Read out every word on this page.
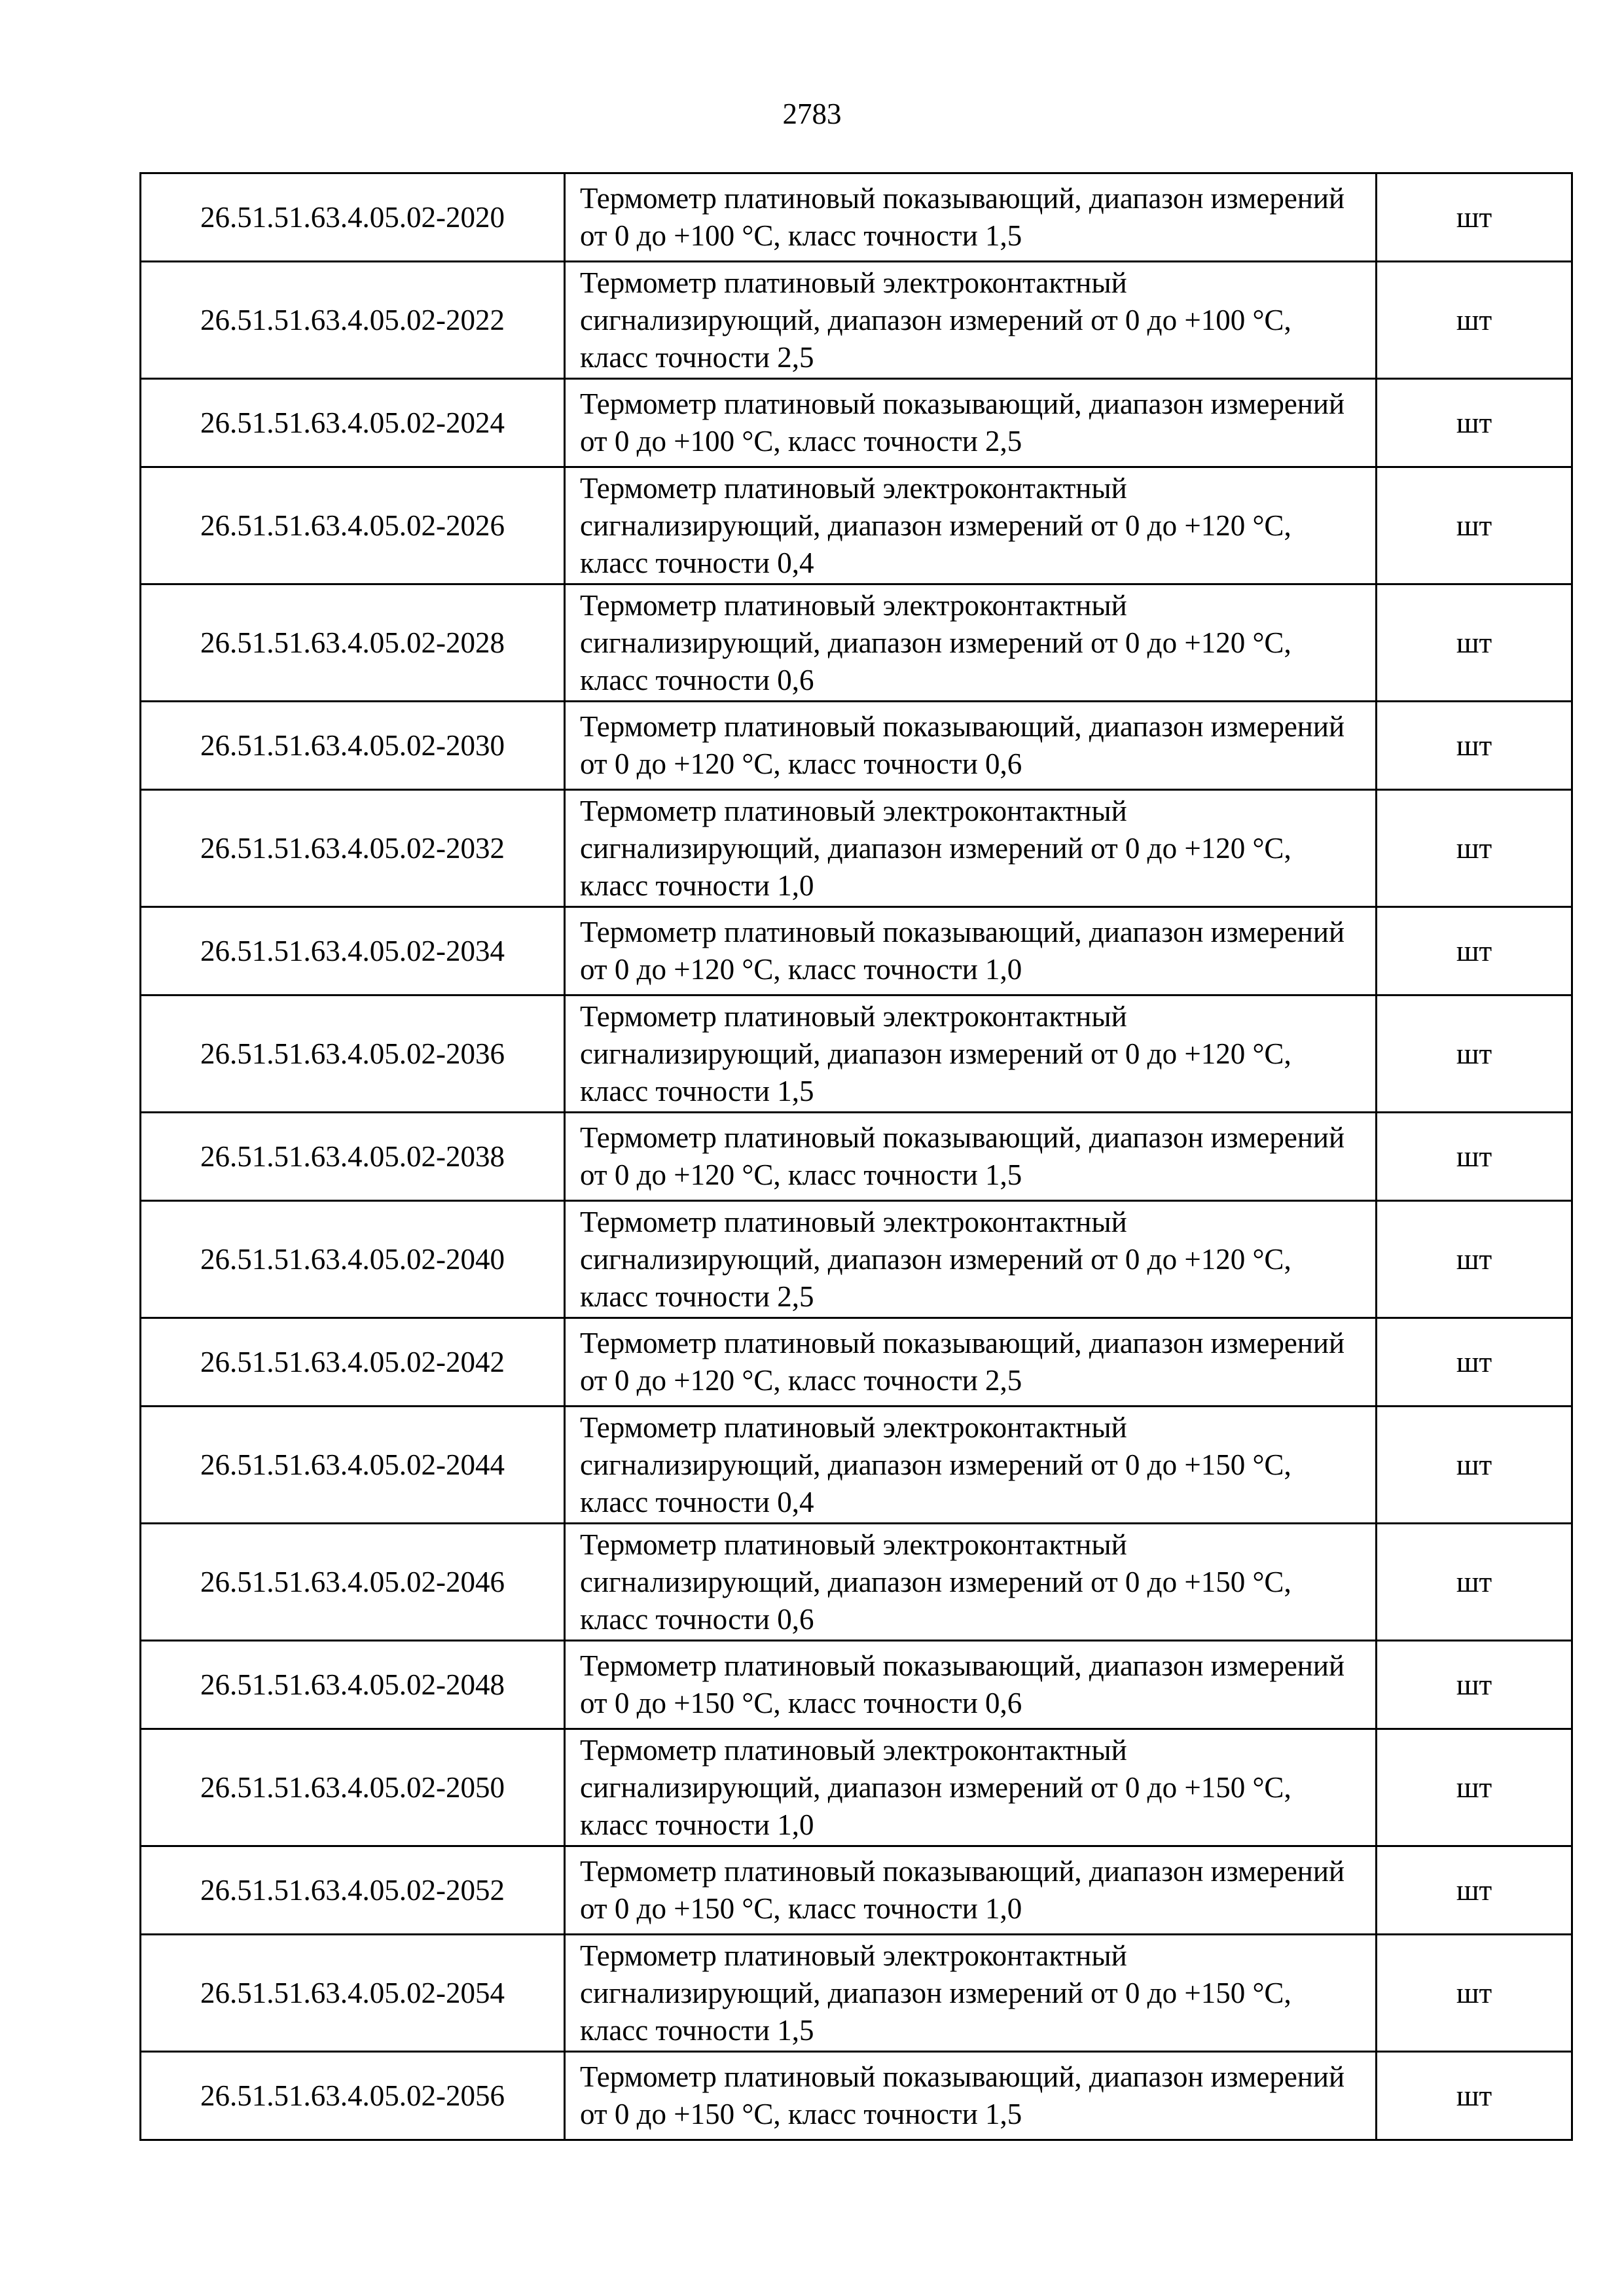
2783
26.51.51.63.4.05.02-2020	Термометр платиновый показывающий, диапазон измерений от 0 до +100 °С, класс точности 1,5	шт
26.51.51.63.4.05.02-2022	Термометр платиновый электроконтактный сигнализирующий, диапазон измерений от 0 до +100 °С, класс точности 2,5	шт
26.51.51.63.4.05.02-2024	Термометр платиновый показывающий, диапазон измерений от 0 до +100 °С, класс точности 2,5	шт
26.51.51.63.4.05.02-2026	Термометр платиновый электроконтактный сигнализирующий, диапазон измерений от 0 до +120 °С, класс точности 0,4	шт
26.51.51.63.4.05.02-2028	Термометр платиновый электроконтактный сигнализирующий, диапазон измерений от 0 до +120 °С, класс точности 0,6	шт
26.51.51.63.4.05.02-2030	Термометр платиновый показывающий, диапазон измерений от 0 до +120 °С, класс точности 0,6	шт
26.51.51.63.4.05.02-2032	Термометр платиновый электроконтактный сигнализирующий, диапазон измерений от 0 до +120 °С, класс точности 1,0	шт
26.51.51.63.4.05.02-2034	Термометр платиновый показывающий, диапазон измерений от 0 до +120 °С, класс точности 1,0	шт
26.51.51.63.4.05.02-2036	Термометр платиновый электроконтактный сигнализирующий, диапазон измерений от 0 до +120 °С, класс точности 1,5	шт
26.51.51.63.4.05.02-2038	Термометр платиновый показывающий, диапазон измерений от 0 до +120 °С, класс точности 1,5	шт
26.51.51.63.4.05.02-2040	Термометр платиновый электроконтактный сигнализирующий, диапазон измерений от 0 до +120 °С, класс точности 2,5	шт
26.51.51.63.4.05.02-2042	Термометр платиновый показывающий, диапазон измерений от 0 до +120 °С, класс точности 2,5	шт
26.51.51.63.4.05.02-2044	Термометр платиновый электроконтактный сигнализирующий, диапазон измерений от 0 до +150 °С, класс точности 0,4	шт
26.51.51.63.4.05.02-2046	Термометр платиновый электроконтактный сигнализирующий, диапазон измерений от 0 до +150 °С, класс точности 0,6	шт
26.51.51.63.4.05.02-2048	Термометр платиновый показывающий, диапазон измерений от 0 до +150 °С, класс точности 0,6	шт
26.51.51.63.4.05.02-2050	Термометр платиновый электроконтактный сигнализирующий, диапазон измерений от 0 до +150 °С, класс точности 1,0	шт
26.51.51.63.4.05.02-2052	Термометр платиновый показывающий, диапазон измерений от 0 до +150 °С, класс точности 1,0	шт
26.51.51.63.4.05.02-2054	Термометр платиновый электроконтактный сигнализирующий, диапазон измерений от 0 до +150 °С, класс точности 1,5	шт
26.51.51.63.4.05.02-2056	Термометр платиновый показывающий, диапазон измерений от 0 до +150 °С, класс точности 1,5	шт
